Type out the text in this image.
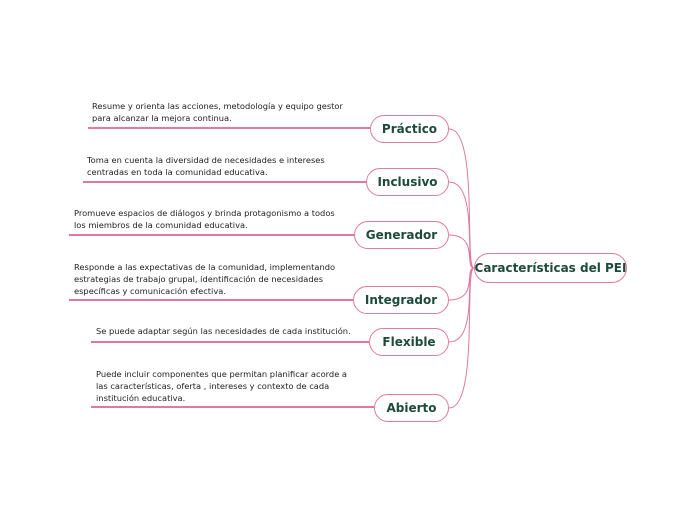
Características del PEI
Práctico
Resume y orienta las acciones, metodología y equipo gestor
para alcanzar la mejora continua.
Inclusivo
Toma en cuenta la diversidad de necesidades e intereses
centradas en toda la comunidad educativa.
Generador
Promueve espacios de diálogos y brinda protagonismo a todos
los miembros de la comunidad educativa.
Integrador
Responde a las expectativas de la comunidad, implementando
estrategias de trabajo grupal, identificación de necesidades
específicas y comunicación efectiva.
Flexible
Se puede adaptar según las necesidades de cada institución.
Abierto
Puede incluir componentes que permitan planificar acorde a
las características, oferta , intereses y contexto de cada
institución educativa.
